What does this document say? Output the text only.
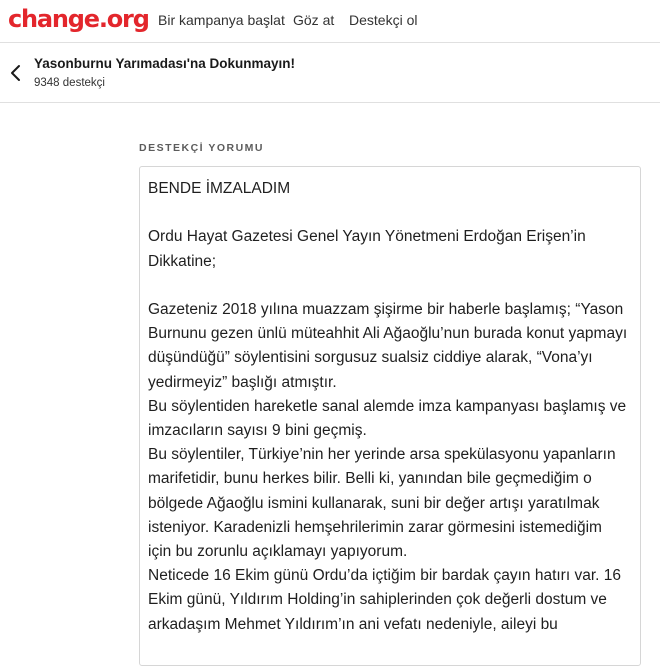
change.org Bir kampanya başlat Göz at Destekçi ol
Yasonburnu Yarımadası'na Dokunmayın!
9348 destekçi
DESTEKÇİ YORUMU

BENDE İMZALADIM

Ordu Hayat Gazetesi Genel Yayın Yönetmeni Erdoğan Erişen’in Dikkatine;

Gazeteniz 2018 yılına muazzam şişirme bir haberle başlamış; “Yason Burnunu gezen ünlü müteahhit Ali Ağaoğlu’nun burada konut yapmayı düşündüğü” söylentisini sorgusuz sualsiz ciddiye alarak, “Vona’yı yedirmeyiz” başlığı atmıştır.

Bu söylentiden hareketle sanal alemde imza kampanyası başlamış ve imzacıların sayısı 9 bini geçmiş.

Bu söylentiler, Türkiye’nin her yerinde arsa spekülasyonu yapanların marifetidir, bunu herkes bilir. Belli ki, yanından bile geçmediğim o bölgede Ağaoğlu ismini kullanarak, suni bir değer artışı yaratılmak isteniyor. Karadenizli hemşehrilerimin zarar görmesini istemediğim için bu zorunlu açıklamayı yapıyorum.

Neticede 16 Ekim günü Ordu’da içtiğim bir bardak çayın hatırı var. 16 Ekim günü, Yıldırım Holding’in sahiplerinden çok değerli dostum ve arkadaşım Mehmet Yıldırım’ın ani vefatı nedeniyle, aileyi bu
